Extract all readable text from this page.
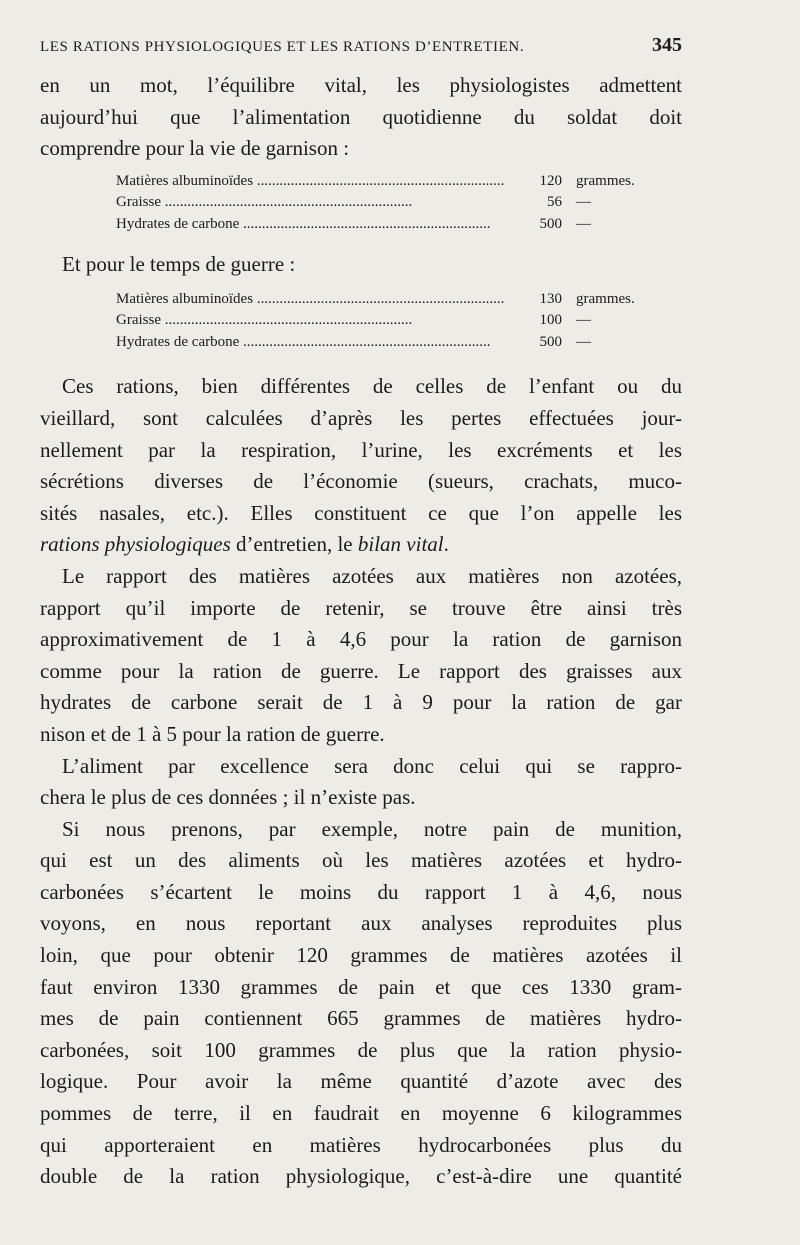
LES RATIONS PHYSIOLOGIQUES ET LES RATIONS D’ENTRETIEN.	345
en un mot, l’équilibre vital, les physiologistes admettent
aujourd’hui que l’alimentation quotidienne du soldat doit
comprendre pour la vie de garnison :
Matières albuminoïdes .....	120 grammes.
Graisse .....	56 —
Hydrates de carbone .....	500 —
Et pour le temps de guerre :
Matières albuminoïdes .....	130 grammes.
Graisse .....	100 —
Hydrates de carbone .....	500 —
Ces rations, bien différentes de celles de l’enfant ou du
vieillard, sont calculées d’après les pertes effectuées jour-
nellement par la respiration, l’urine, les excréments et les
sécrétions diverses de l’économie (sueurs, crachats, muco-
sités nasales, etc.). Elles constituent ce que l’on appelle les
rations physiologiques d’entretien, le bilan vital.
Le rapport des matières azotées aux matières non azotées,
rapport qu’il importe de retenir, se trouve être ainsi très
approximativement de 1 à 4,6 pour la ration de garnison
comme pour la ration de guerre. Le rapport des graisses aux
hydrates de carbone serait de 1 à 9 pour la ration de gar
nison et de 1 à 5 pour la ration de guerre.
L’aliment par excellence sera donc celui qui se rappro-
chera le plus de ces données ; il n’existe pas.
Si nous prenons, par exemple, notre pain de munition,
qui est un des aliments où les matières azotées et hydro-
carbonées s’écartent le moins du rapport 1 à 4,6, nous
voyons, en nous reportant aux analyses reproduites plus
loin, que pour obtenir 120 grammes de matières azotées il
faut environ 1330 grammes de pain et que ces 1330 gram-
mes de pain contiennent 665 grammes de matières hydro-
carbonées, soit 100 grammes de plus que la ration physio-
logique. Pour avoir la même quantité d’azote avec des
pommes de terre, il en faudrait en moyenne 6 kilogrammes
qui apporteraient en matières hydrocarbonées plus du
double de la ration physiologique, c’est-à-dire une quantité
